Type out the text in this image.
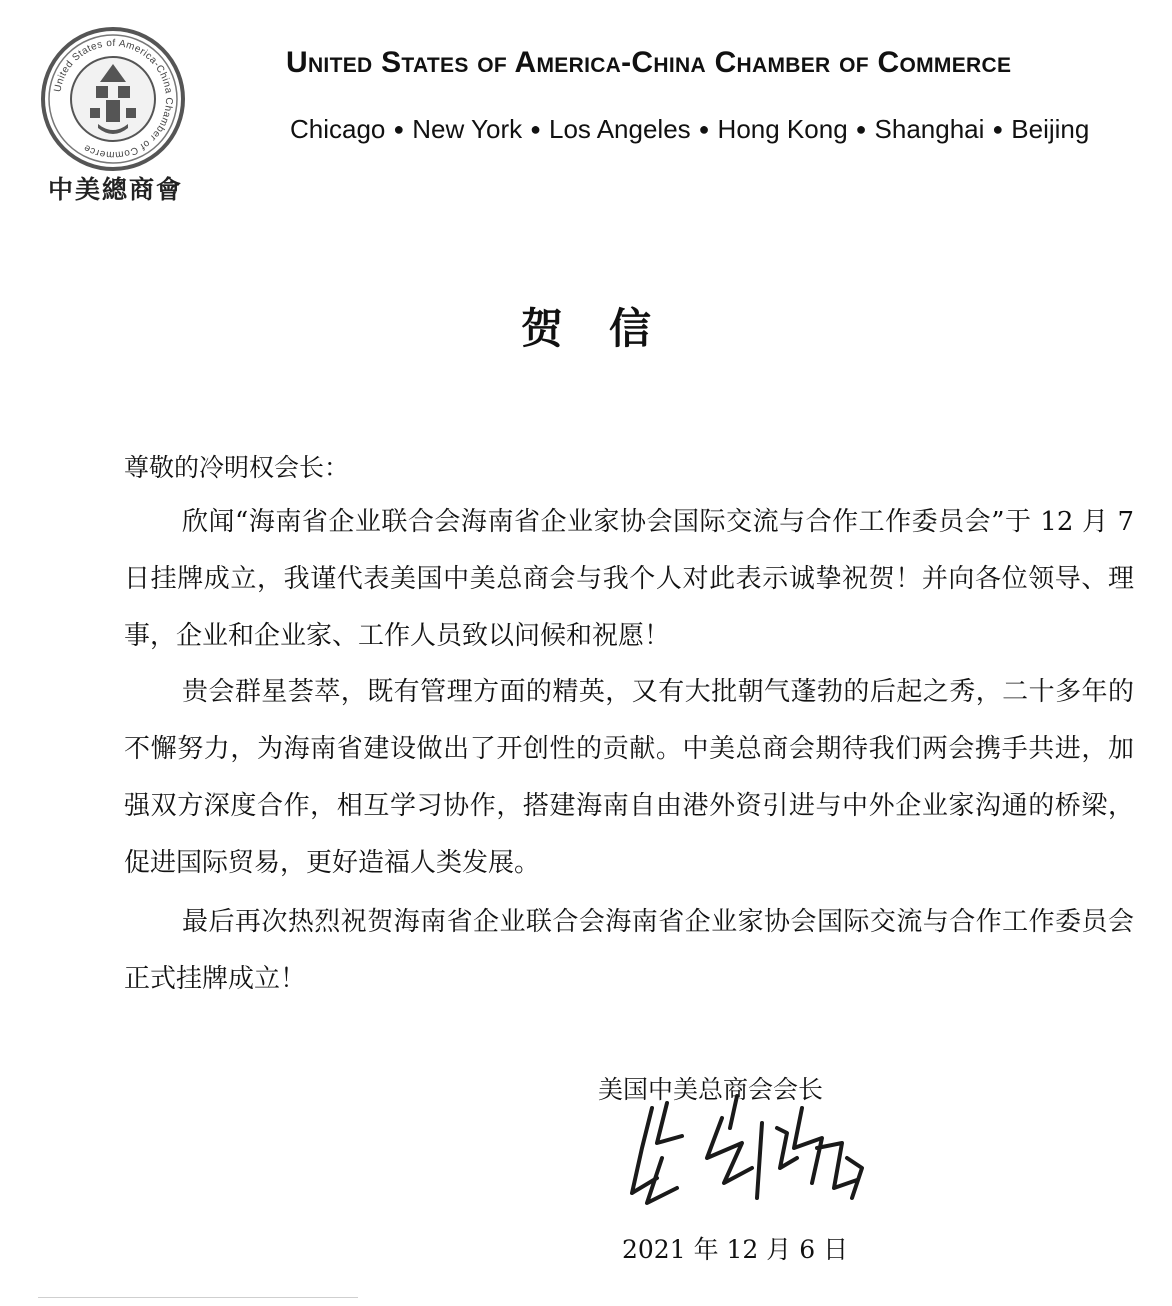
United States of America-China Chamber of Commerce
中美總商會
United States of America-China Chamber of Commerce
Chicago ● New York ● Los Angeles ● Hong Kong ● Shanghai ● Beijing
贺信
尊敬的冷明权会长：

欣闻“海南省企业联合会海南省企业家协会国际交流与合作工作委员会”于 12 月 7 日挂牌成立，我谨代表美国中美总商会与我个人对此表示诚挚祝贺！并向各位领导、理事，企业和企业家、工作人员致以问候和祝愿！

贵会群星荟萃，既有管理方面的精英，又有大批朝气蓬勃的后起之秀，二十多年的不懈努力，为海南省建设做出了开创性的贡献。中美总商会期待我们两会携手共进，加强双方深度合作，相互学习协作，搭建海南自由港外资引进与中外企业家沟通的桥梁，促进国际贸易，更好造福人类发展。

最后再次热烈祝贺海南省企业联合会海南省企业家协会国际交流与合作工作委员会正式挂牌成立！

美国中美总商会会长
2021 年 12 月 6 日
